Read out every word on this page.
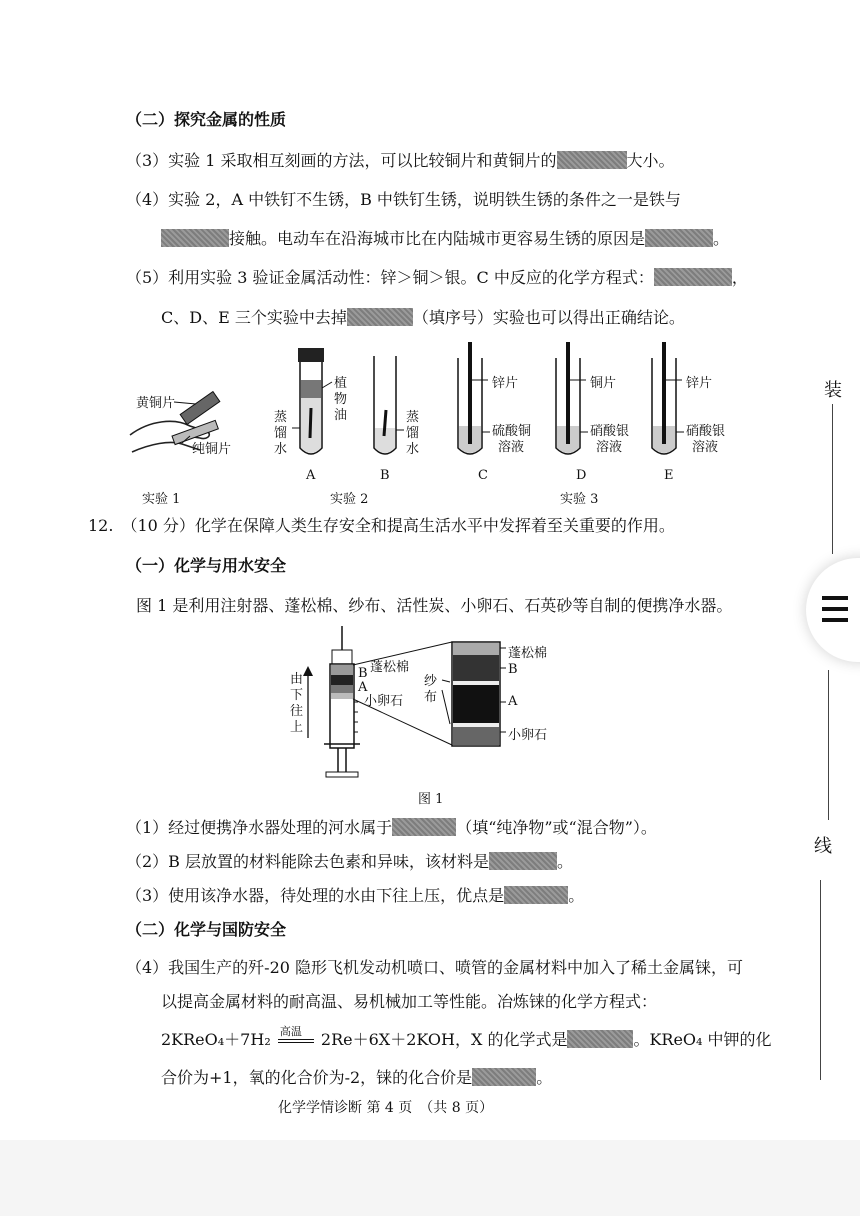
（二）探究金属的性质
（3）实验 1 采取相互刻画的方法，可以比较铜片和黄铜片的	大小。
（4）实验 2，A 中铁钉不生锈，B 中铁钉生锈，说明铁生锈的条件之一是铁与
接触。电动车在沿海城市比在内陆城市更容易生锈的原因是	。
（5）利用实验 3 验证金属活动性：锌＞铜＞银。C 中反应的化学方程式：	，
C、D、E 三个实验中去掉	（填序号）实验也可以得出正确结论。
黄铜片
纯铜片
实验 1
植
物
油
蒸
馏
水
蒸
馏
水
A	B
实验 2
锌片
硫酸铜
溶液
C
铜片
硝酸银
溶液
D
实验 3
锌片
硝酸银
溶液
E
12.　（10 分）化学在保障人类生存安全和提高生活水平中发挥着至关重要的作用。
（一）化学与用水安全
图 1 是利用注射器、蓬松棉、纱布、活性炭、小卵石、石英砂等自制的便携净水器。
由
下
往
上
B
A
蓬松棉
纱
布
小卵石
蓬松棉
B
A
小卵石
图 1
（1）经过便携净水器处理的河水属于	（填“纯净物”或“混合物”）。
（2）B 层放置的材料能除去色素和异味，该材料是	。
（3）使用该净水器，待处理的水由下往上压，优点是	。
（二）化学与国防安全
（4）我国生产的歼-20 隐形飞机发动机喷口、喷管的金属材料中加入了稀土金属铼，可
以提高金属材料的耐高温、易机械加工等性能。冶炼铼的化学方程式：
2KReO₄＋7H₂ 高温 2Re＋6X＋2KOH，X 的化学式是	。KReO₄ 中钾的化
合价为+1，氧的化合价为-2，铼的化合价是	。
化学学情诊断 第 4 页　（共 8 页）
装
线
